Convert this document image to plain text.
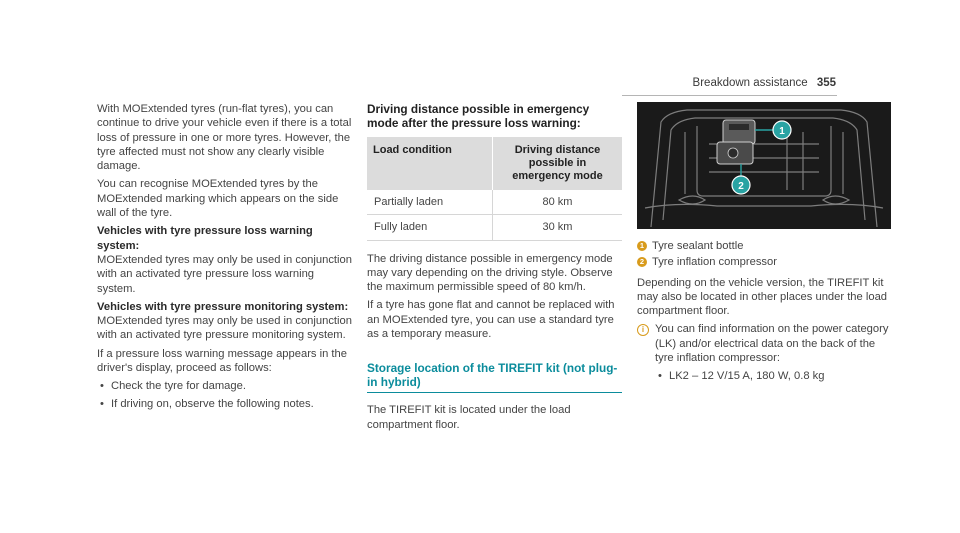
Breakdown assistance 355

With MOExtended tyres (run-flat tyres), you can continue to drive your vehicle even if there is a total loss of pressure in one or more tyres. However, the tyre affected must not show any clearly visible damage.

You can recognise MOExtended tyres by the MOExtended marking which appears on the side wall of the tyre.

Vehicles with tyre pressure loss warning system:

MOExtended tyres may only be used in conjunction with an activated tyre pressure loss warning system.

Vehicles with tyre pressure monitoring system:

MOExtended tyres may only be used in conjunction with an activated tyre pressure monitoring system.

If a pressure loss warning message appears in the driver's display, proceed as follows:

• Check the tyre for damage.
• If driving on, observe the following notes.

Driving distance possible in emergency mode after the pressure loss warning:

Load condition	Driving distance possible in emergency mode
Partially laden	80 km
Fully laden	30 km

The driving distance possible in emergency mode may vary depending on the driving style. Observe the maximum permissible speed of 80 km/h.

If a tyre has gone flat and cannot be replaced with an MOExtended tyre, you can use a standard tyre as a temporary measure.

Storage location of the TIREFIT kit (not plug-in hybrid)

The TIREFIT kit is located under the load compartment floor.

1
2
1 Tyre sealant bottle
2 Tyre inflation compressor

Depending on the vehicle version, the TIREFIT kit may also be located in other places under the load compartment floor.

i You can find information on the power category (LK) and/or electrical data on the back of the tyre inflation compressor:

• LK2 – 12 V/15 A, 180 W, 0.8 kg
